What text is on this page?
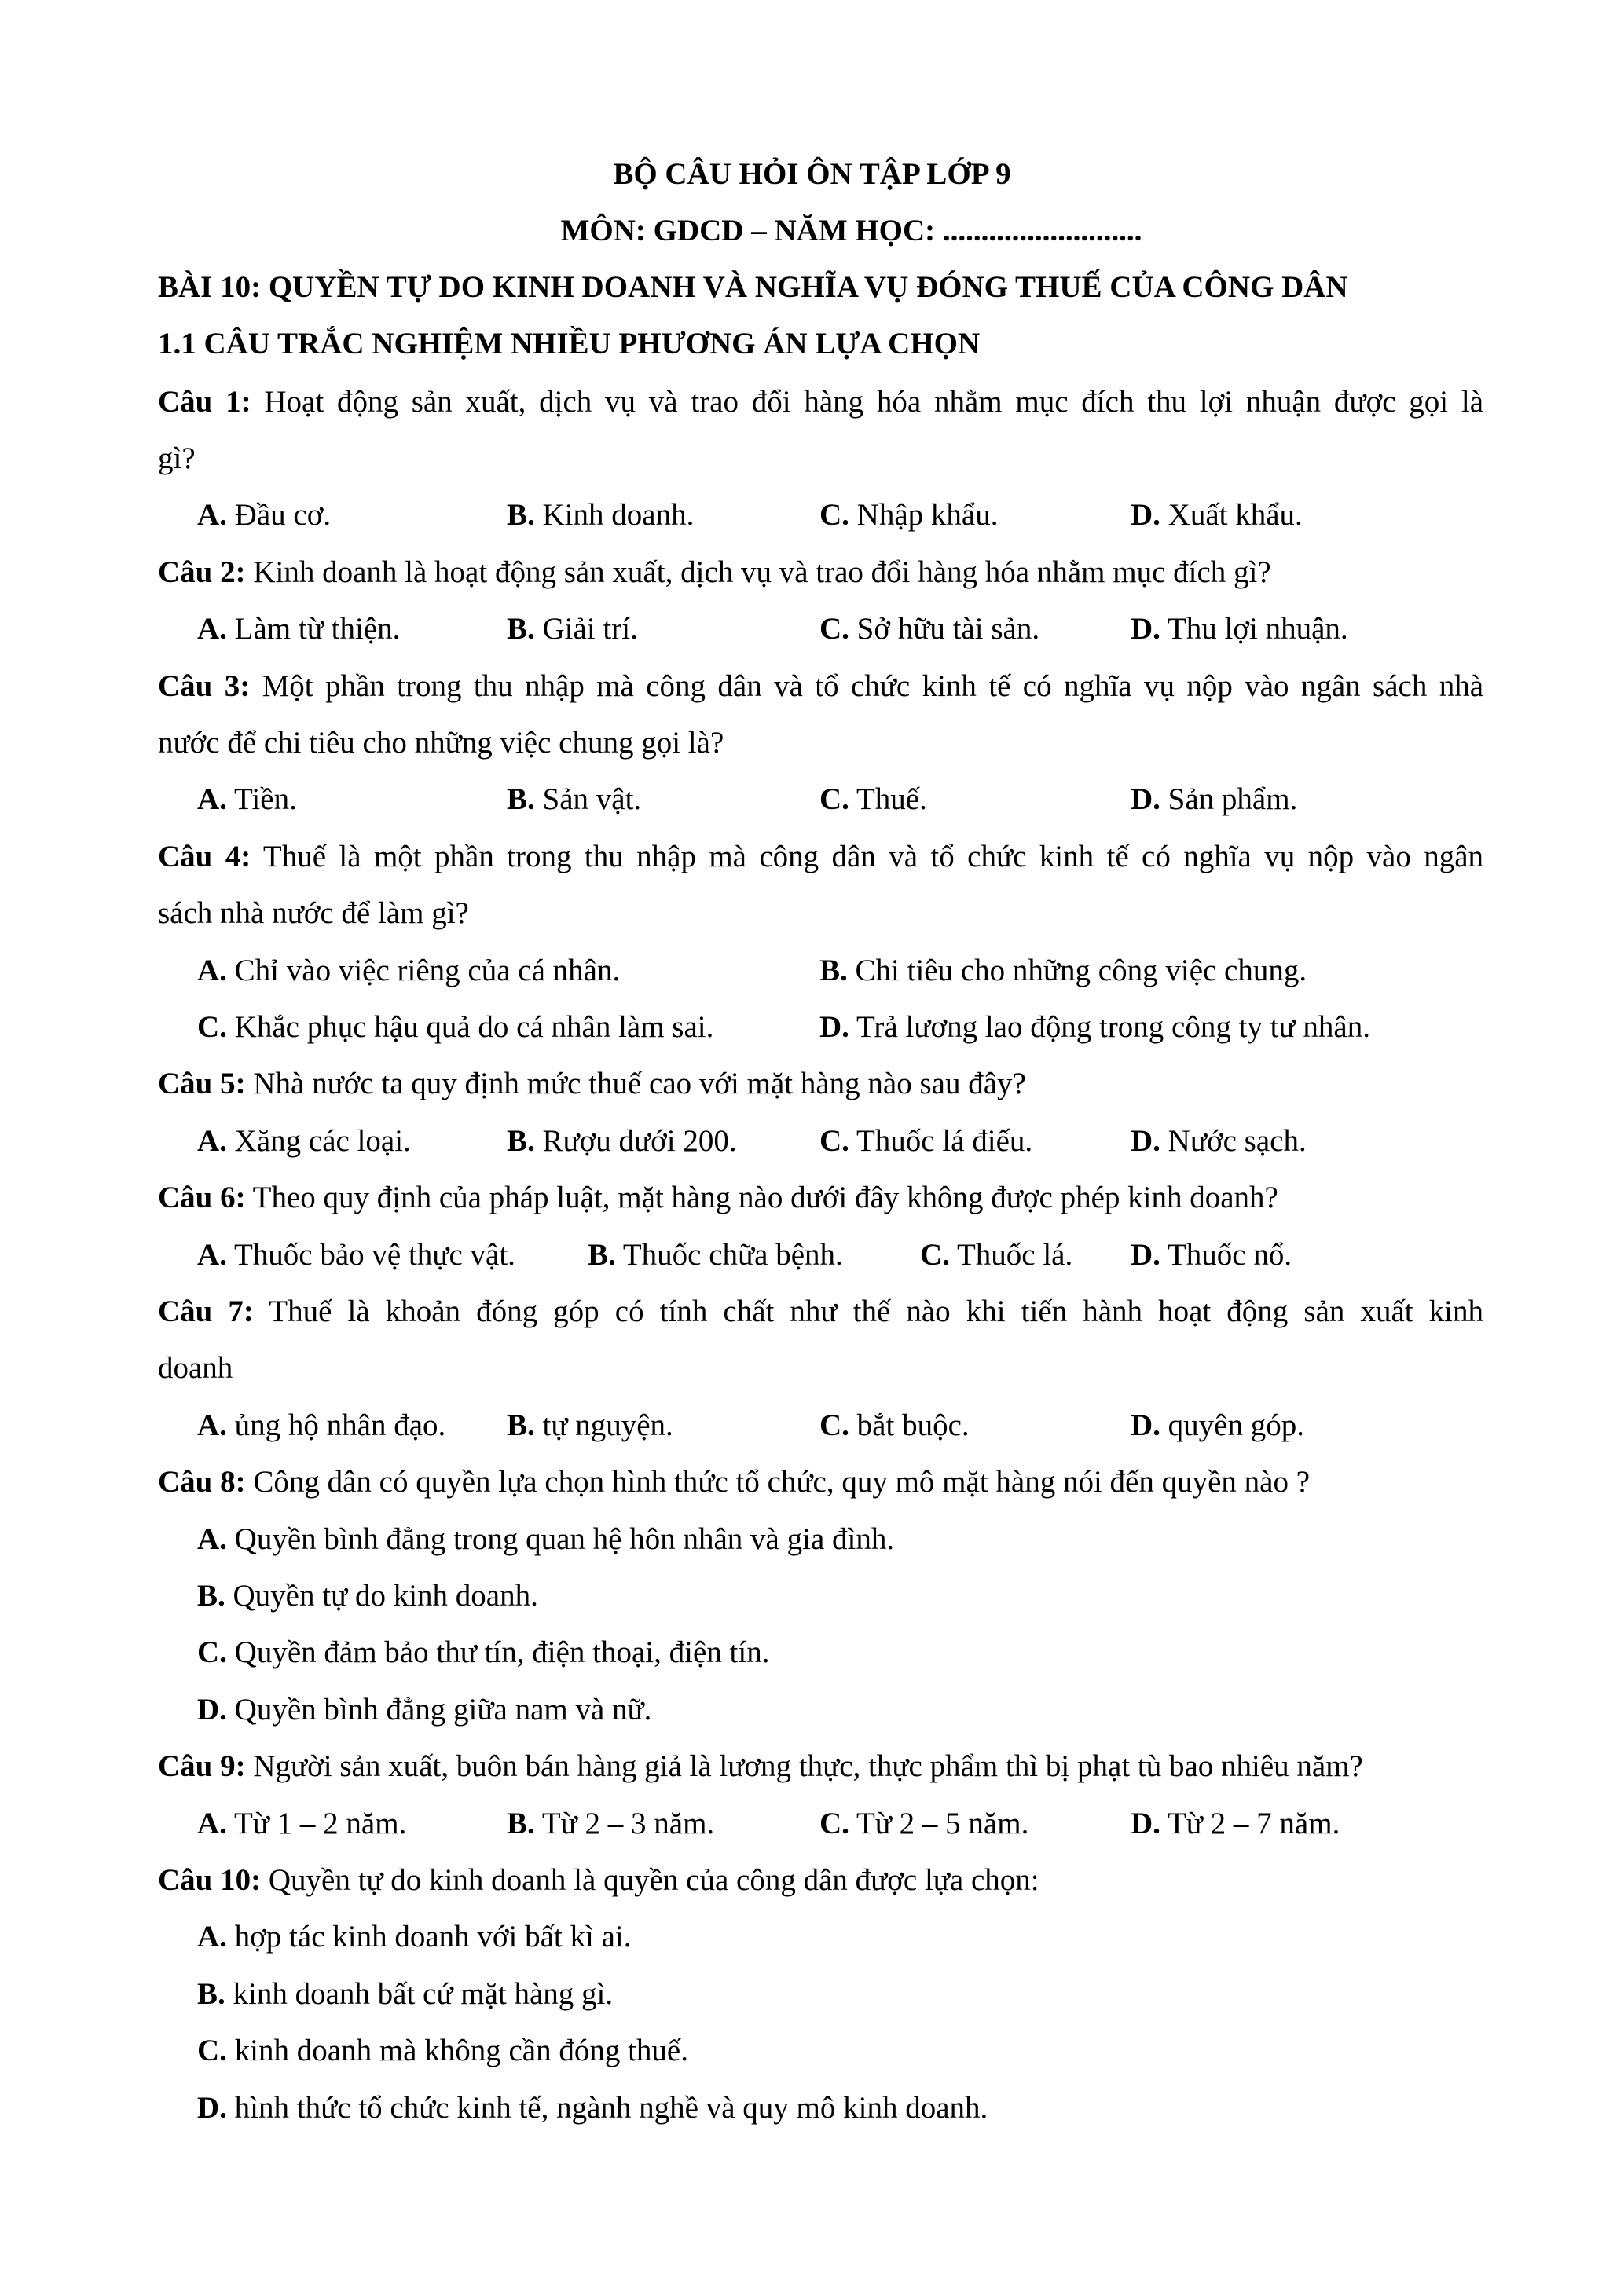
BỘ CÂU HỎI ÔN TẬP LỚP 9
MÔN: GDCD – NĂM HỌC: ..........................
BÀI 10: QUYỀN TỰ DO KINH DOANH VÀ NGHĨA VỤ ĐÓNG THUẾ CỦA CÔNG DÂN
1.1 CÂU TRẮC NGHIỆM NHIỀU PHƯƠNG ÁN LỰA CHỌN
Câu 1: Hoạt động sản xuất, dịch vụ và trao đổi hàng hóa nhằm mục đích thu lợi nhuận được gọi là
gì?
A. Đầu cơ.	B. Kinh doanh.	C. Nhập khẩu.	D. Xuất khẩu.
Câu 2: Kinh doanh là hoạt động sản xuất, dịch vụ và trao đổi hàng hóa nhằm mục đích gì?
A. Làm từ thiện.	B. Giải trí.	C. Sở hữu tài sản.	D. Thu lợi nhuận.
Câu 3: Một phần trong thu nhập mà công dân và tổ chức kinh tế có nghĩa vụ nộp vào ngân sách nhà
nước để chi tiêu cho những việc chung gọi là?
A. Tiền.	B. Sản vật.	C. Thuế.	D. Sản phẩm.
Câu 4: Thuế là một phần trong thu nhập mà công dân và tổ chức kinh tế có nghĩa vụ nộp vào ngân
sách nhà nước để làm gì?
A. Chỉ vào việc riêng của cá nhân.	B. Chi tiêu cho những công việc chung.
C. Khắc phục hậu quả do cá nhân làm sai.	D. Trả lương lao động trong công ty tư nhân.
Câu 5: Nhà nước ta quy định mức thuế cao với mặt hàng nào sau đây?
A. Xăng các loại.	B. Rượu dưới 200.	C. Thuốc lá điếu.	D. Nước sạch.
Câu 6: Theo quy định của pháp luật, mặt hàng nào dưới đây không được phép kinh doanh?
A. Thuốc bảo vệ thực vật. B. Thuốc chữa bệnh.	C. Thuốc lá. D. Thuốc nổ.
Câu 7: Thuế là khoản đóng góp có tính chất như thế nào khi tiến hành hoạt động sản xuất kinh
doanh
A. ủng hộ nhân đạo. B. tự nguyện.	C. bắt buộc.	D. quyên góp.
Câu 8: Công dân có quyền lựa chọn hình thức tổ chức, quy mô mặt hàng nói đến quyền nào ?
A. Quyền bình đẳng trong quan hệ hôn nhân và gia đình.
B. Quyền tự do kinh doanh.
C. Quyền đảm bảo thư tín, điện thoại, điện tín.
D. Quyền bình đẳng giữa nam và nữ.
Câu 9: Người sản xuất, buôn bán hàng giả là lương thực, thực phẩm thì bị phạt tù bao nhiêu năm?
A. Từ 1 – 2 năm.	B. Từ 2 – 3 năm.	C. Từ 2 – 5 năm.	D. Từ 2 – 7 năm.
Câu 10: Quyền tự do kinh doanh là quyền của công dân được lựa chọn:
A. hợp tác kinh doanh với bất kì ai.
B. kinh doanh bất cứ mặt hàng gì.
C. kinh doanh mà không cần đóng thuế.
D. hình thức tổ chức kinh tế, ngành nghề và quy mô kinh doanh.
